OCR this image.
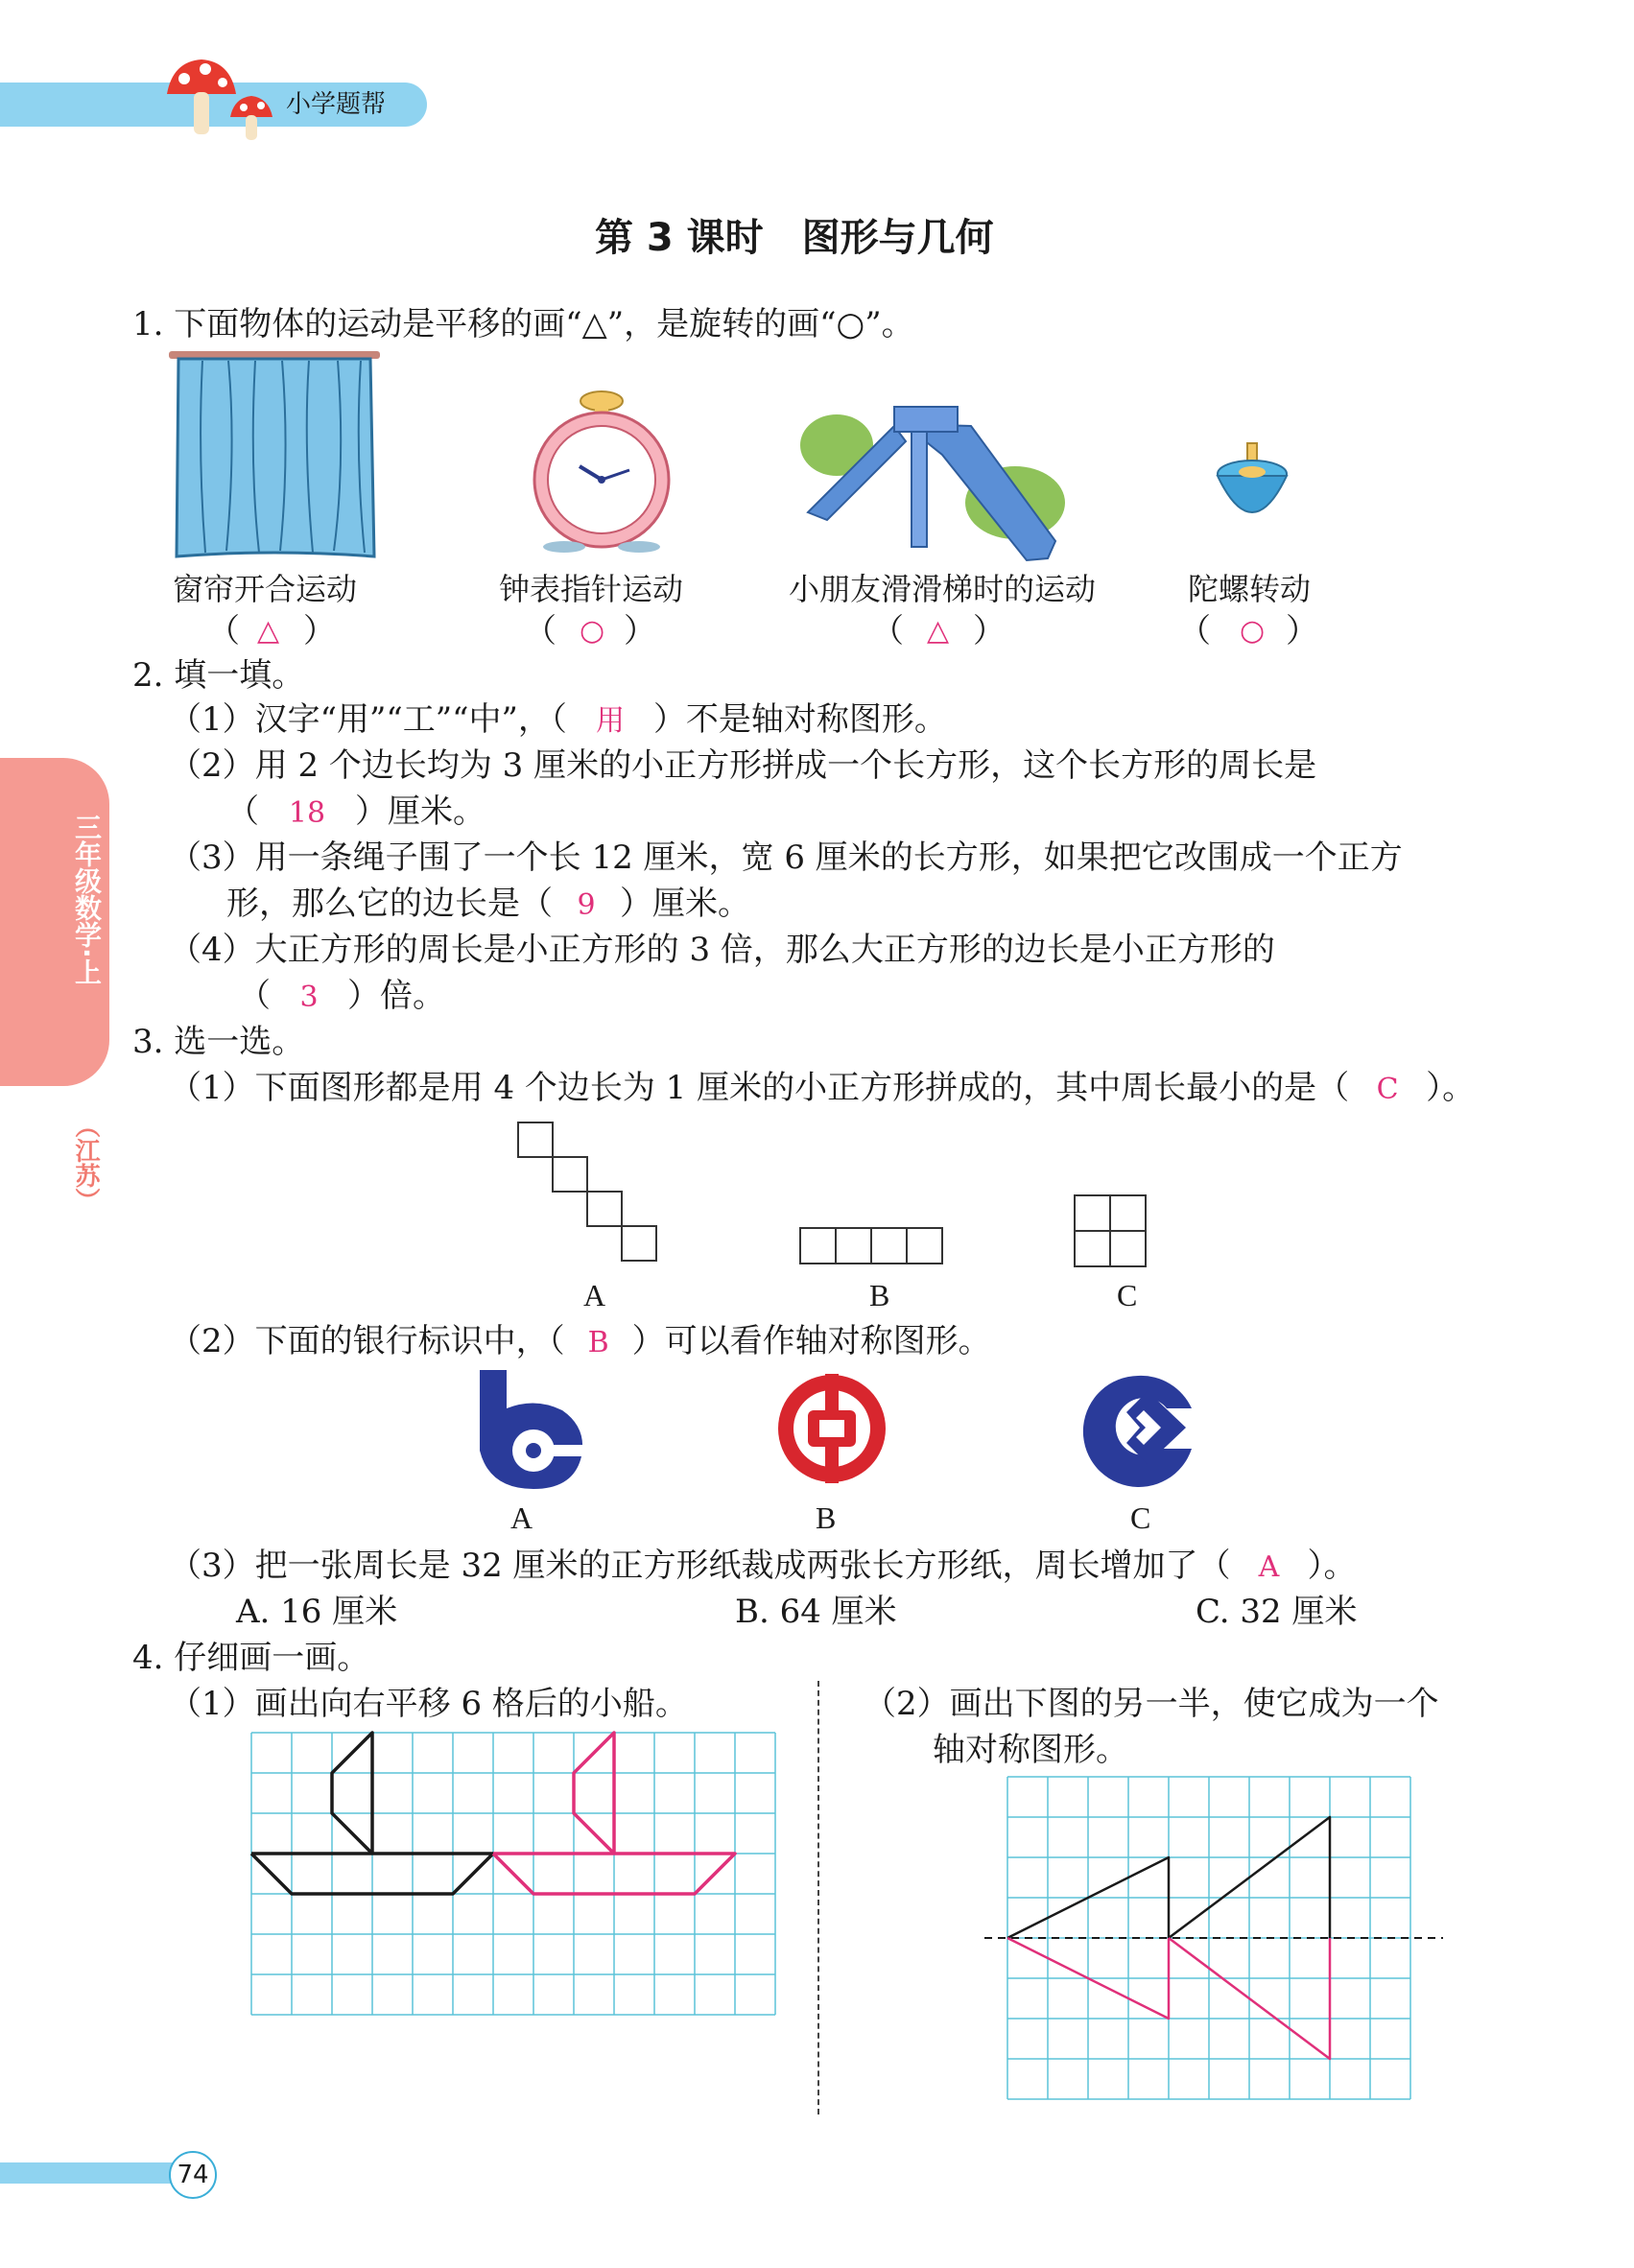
小学题帮
三年级数学·上
（江苏）
第 3 课时　图形与几何
1. 下面物体的运动是平移的画“△”，是旋转的画“○”。
窗帘开合运动	钟表指针运动	小朋友滑滑梯时的运动	陀螺转动
（ △ ）	（ ○ ）	（ △ ）	（ ○ ）
2. 填一填。
（1）汉字“用”“工”“中”，（ 用 ）不是轴对称图形。
（2）用 2 个边长均为 3 厘米的小正方形拼成一个长方形，这个长方形的周长是
（ 18 ）厘米。
（3）用一条绳子围了一个长 12 厘米，宽 6 厘米的长方形，如果把它改围成一个正方
形，那么它的边长是（ 9 ）厘米。
（4）大正方形的周长是小正方形的 3 倍，那么大正方形的边长是小正方形的
（ 3 ）倍。
3. 选一选。
（1）下面图形都是用 4 个边长为 1 厘米的小正方形拼成的，其中周长最小的是（ C ）。
A	B	C
（2）下面的银行标识中，（ B ）可以看作轴对称图形。
A	B	C
（3）把一张周长是 32 厘米的正方形纸裁成两张长方形纸，周长增加了（ A ）。
A. 16 厘米	B. 64 厘米	C. 32 厘米
4. 仔细画一画。
（1）画出向右平移 6 格后的小船。	（2）画出下图的另一半，使它成为一个
轴对称图形。
74
